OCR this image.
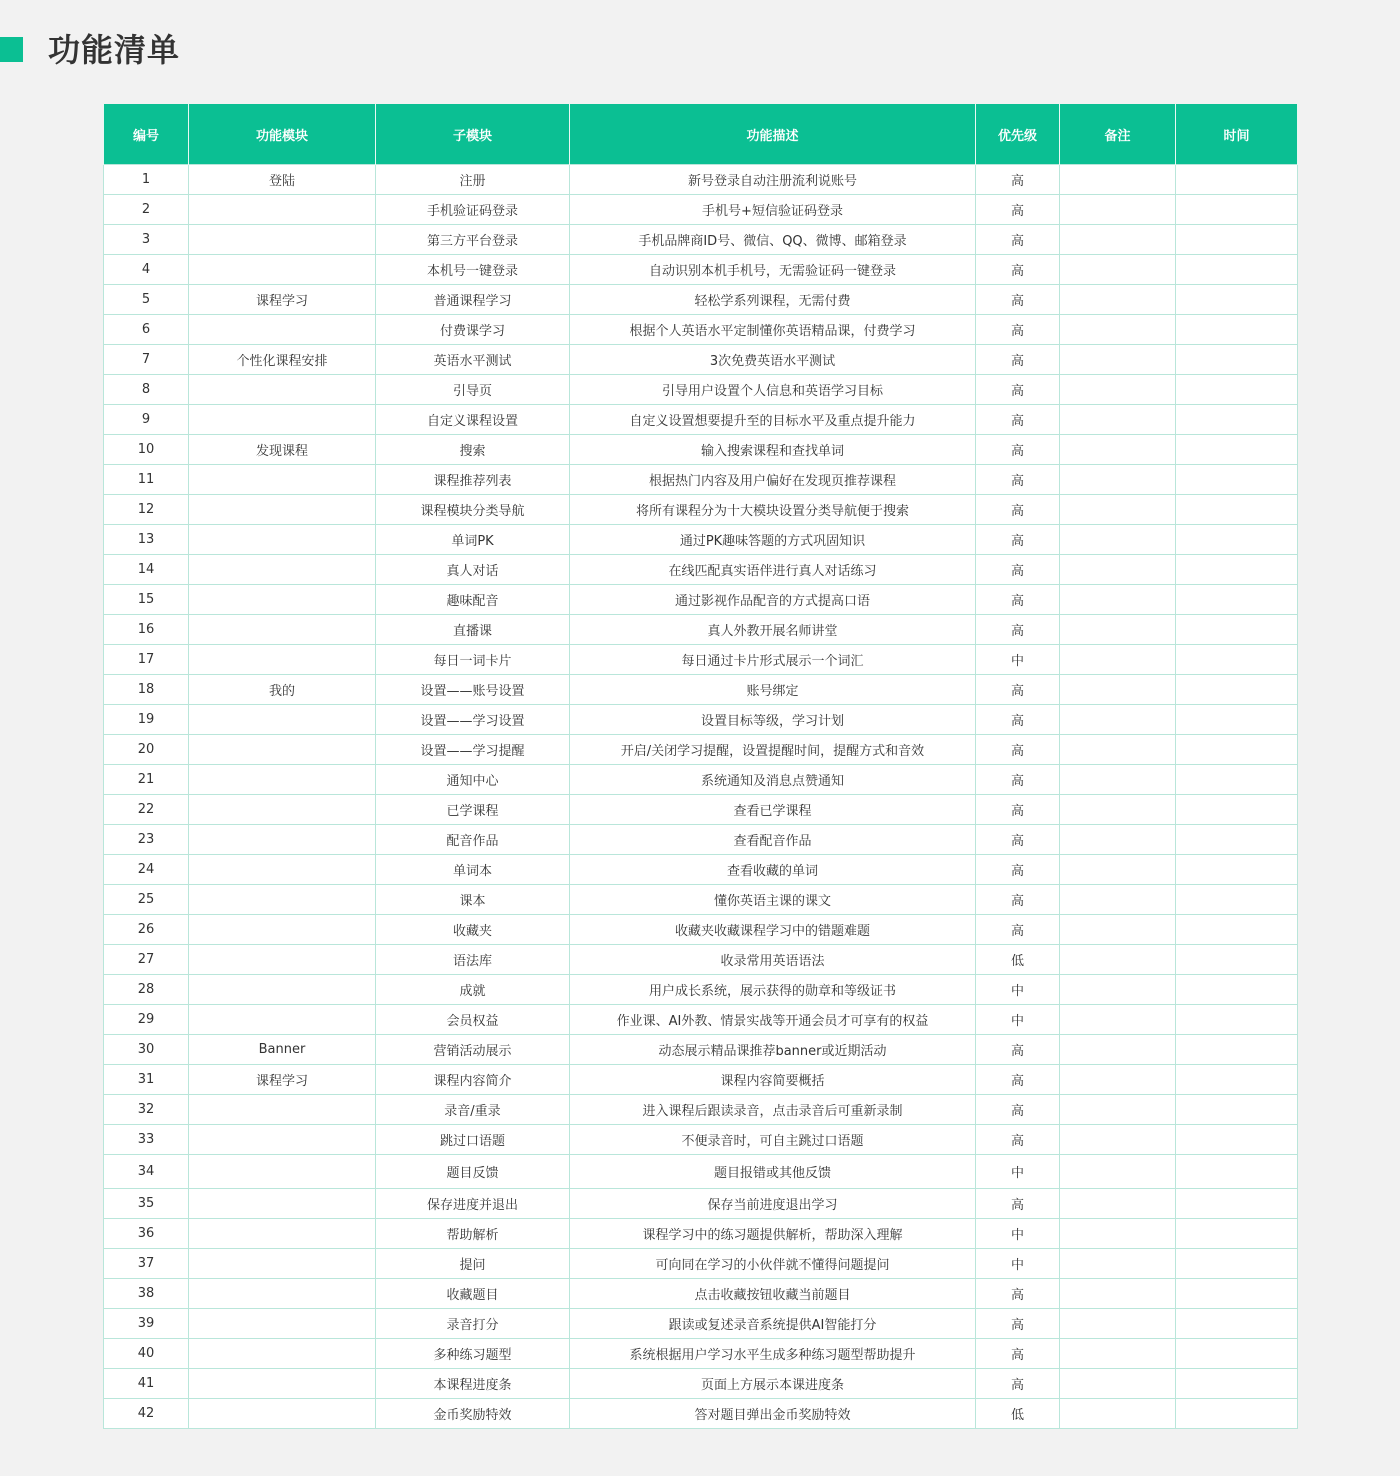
功能清单
编号	功能模块	子模块	功能描述	优先级	备注	时间
1	登陆	注册	新号登录自动注册流利说账号	高		
2		手机验证码登录	手机号+短信验证码登录	高		
3		第三方平台登录	手机品牌商ID号、微信、QQ、微博、邮箱登录	高		
4		本机号一键登录	自动识别本机手机号，无需验证码一键登录	高		
5	课程学习	普通课程学习	轻松学系列课程，无需付费	高		
6		付费课学习	根据个人英语水平定制懂你英语精品课，付费学习	高		
7	个性化课程安排	英语水平测试	3次免费英语水平测试	高		
8		引导页	引导用户设置个人信息和英语学习目标	高		
9		自定义课程设置	自定义设置想要提升至的目标水平及重点提升能力	高		
10	发现课程	搜索	输入搜索课程和查找单词	高		
11		课程推荐列表	根据热门内容及用户偏好在发现页推荐课程	高		
12		课程模块分类导航	将所有课程分为十大模块设置分类导航便于搜索	高		
13		单词PK	通过PK趣味答题的方式巩固知识	高		
14		真人对话	在线匹配真实语伴进行真人对话练习	高		
15		趣味配音	通过影视作品配音的方式提高口语	高		
16		直播课	真人外教开展名师讲堂	高		
17		每日一词卡片	每日通过卡片形式展示一个词汇	中		
18	我的	设置——账号设置	账号绑定	高		
19		设置——学习设置	设置目标等级，学习计划	高		
20		设置——学习提醒	开启/关闭学习提醒，设置提醒时间，提醒方式和音效	高		
21		通知中心	系统通知及消息点赞通知	高		
22		已学课程	查看已学课程	高		
23		配音作品	查看配音作品	高		
24		单词本	查看收藏的单词	高		
25		课本	懂你英语主课的课文	高		
26		收藏夹	收藏夹收藏课程学习中的错题难题	高		
27		语法库	收录常用英语语法	低		
28		成就	用户成长系统，展示获得的勋章和等级证书	中		
29		会员权益	作业课、AI外教、情景实战等开通会员才可享有的权益	中		
30	Banner	营销活动展示	动态展示精品课推荐banner或近期活动	高		
31	课程学习	课程内容简介	课程内容简要概括	高		
32		录音/重录	进入课程后跟读录音，点击录音后可重新录制	高		
33		跳过口语题	不便录音时，可自主跳过口语题	高		
34		题目反馈	题目报错或其他反馈	中		
35		保存进度并退出	保存当前进度退出学习	高		
36		帮助解析	课程学习中的练习题提供解析，帮助深入理解	中		
37		提问	可向同在学习的小伙伴就不懂得问题提问	中		
38		收藏题目	点击收藏按钮收藏当前题目	高		
39		录音打分	跟读或复述录音系统提供AI智能打分	高		
40		多种练习题型	系统根据用户学习水平生成多种练习题型帮助提升	高		
41		本课程进度条	页面上方展示本课进度条	高		
42		金币奖励特效	答对题目弹出金币奖励特效	低		
